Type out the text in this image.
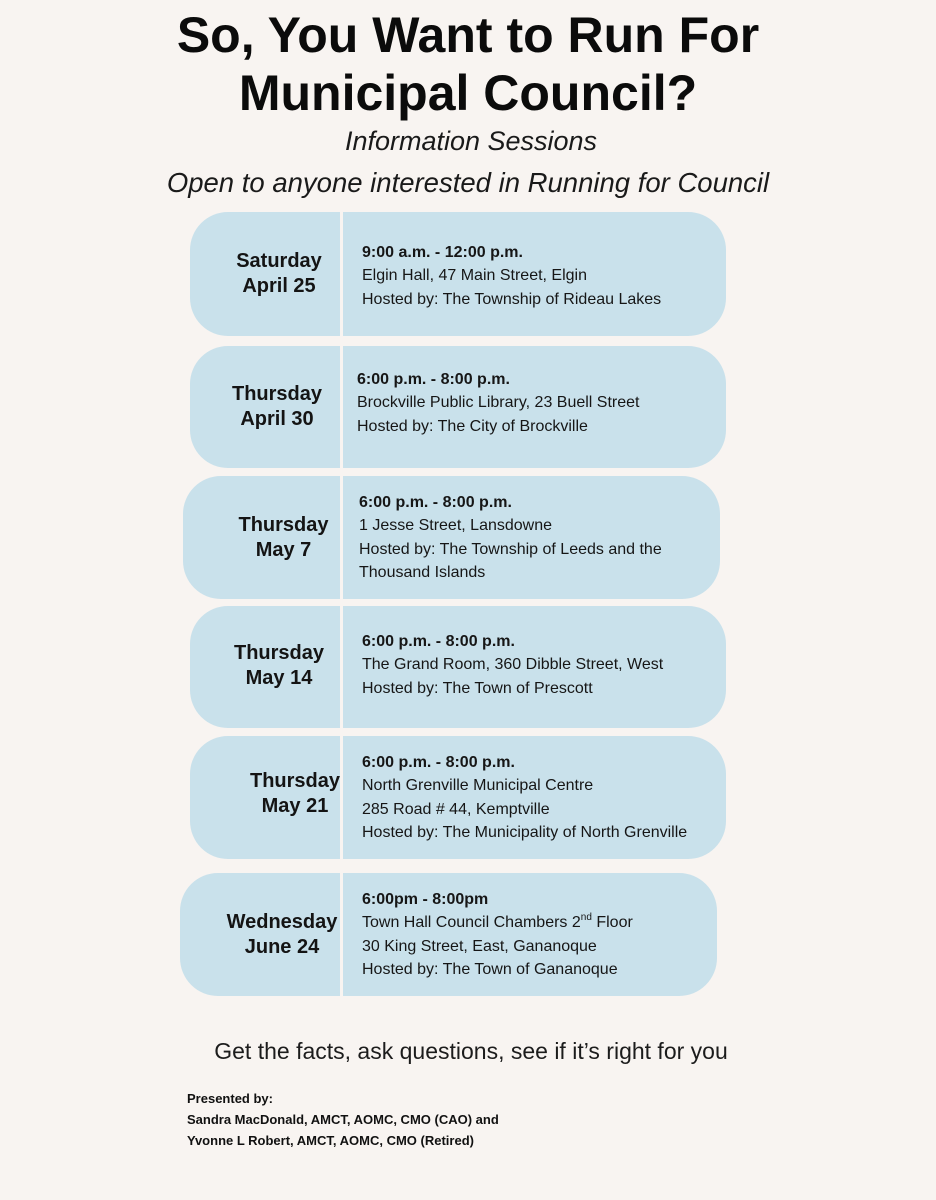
So, You Want to Run For
Municipal Council?
Information Sessions
Open to anyone interested in Running for Council
Saturday
April 25
9:00 a.m. - 12:00 p.m.
Elgin Hall, 47 Main Street, Elgin
Hosted by: The Township of Rideau Lakes
Thursday
April 30
6:00 p.m. - 8:00 p.m.
Brockville Public Library, 23 Buell Street
Hosted by: The City of Brockville
Thursday
May 7
6:00 p.m. - 8:00 p.m.
1 Jesse Street, Lansdowne
Hosted by: The Township of Leeds and the
Thousand Islands
Thursday
May 14
6:00 p.m. - 8:00 p.m.
The Grand Room, 360 Dibble Street, West
Hosted by: The Town of Prescott
Thursday
May 21
6:00 p.m. - 8:00 p.m.
North Grenville Municipal Centre
285 Road # 44, Kemptville
Hosted by: The Municipality of North Grenville
Wednesday
June 24
6:00pm - 8:00pm
Town Hall Council Chambers 2nd Floor
30 King Street, East, Gananoque
Hosted by: The Town of Gananoque
Get the facts, ask questions, see if it’s right for you
Presented by:
Sandra MacDonald, AMCT, AOMC, CMO (CAO) and
Yvonne L Robert, AMCT, AOMC, CMO (Retired)
